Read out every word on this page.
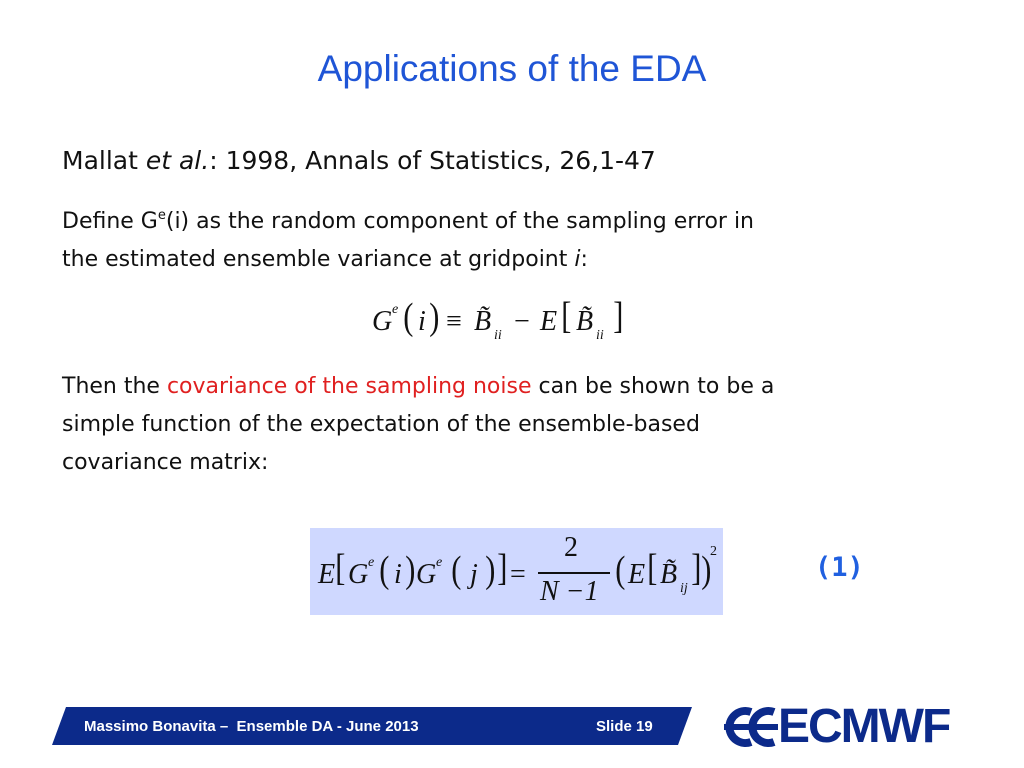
Applications of the EDA
Mallat et al.: 1998, Annals of Statistics, 26,1-47
Define $G^e(i)$ as the random component of the sampling error in the estimated ensemble variance at gridpoint i:
G e ( i ) ≡ B̃ ii − E [ B̃ ii ]
Then the covariance of the sampling noise can be shown to be a simple function of the expectation of the ensemble-based covariance matrix:
E [ G e ( i ) G e ( j ) ] =
2
N −1
( E [ B̃ ij ] )
2
(1)
Massimo Bonavita –  Ensemble DA - June 2013	Slide 19	ECMWF
